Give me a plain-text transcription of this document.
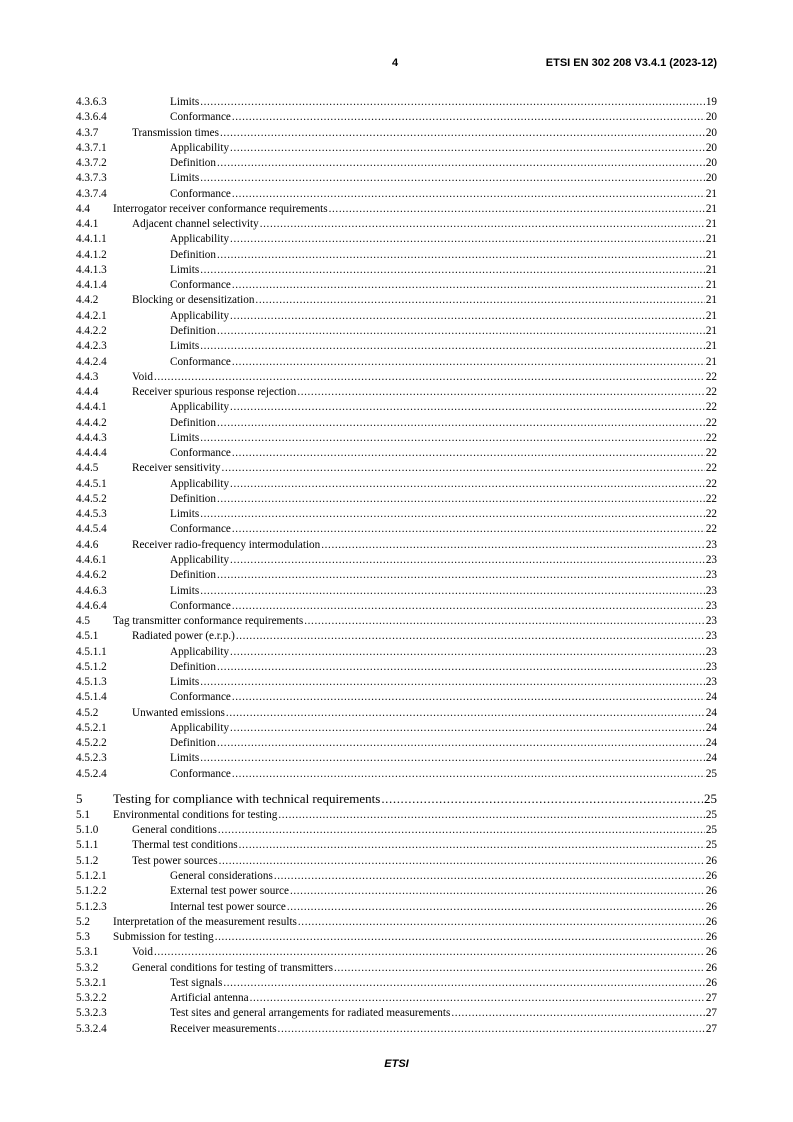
4	ETSI EN 302 208 V3.4.1 (2023-12)
4.3.6.3	Limits .....	19
4.3.6.4	Conformance .....	20
4.3.7	Transmission times .....	20
4.3.7.1	Applicability .....	20
4.3.7.2	Definition .....	20
4.3.7.3	Limits .....	20
4.3.7.4	Conformance .....	21
4.4 Interrogator receiver conformance requirements .....	21
4.4.1	Adjacent channel selectivity .....	21
4.4.1.1	Applicability .....	21
4.4.1.2	Definition .....	21
4.4.1.3	Limits .....	21
4.4.1.4	Conformance .....	21
4.4.2	Blocking or desensitization .....	21
4.4.2.1	Applicability .....	21
4.4.2.2	Definition .....	21
4.4.2.3	Limits .....	21
4.4.2.4	Conformance .....	21
4.4.3	Void .....	22
4.4.4	Receiver spurious response rejection .....	22
4.4.4.1	Applicability .....	22
4.4.4.2	Definition .....	22
4.4.4.3	Limits .....	22
4.4.4.4	Conformance .....	22
4.4.5	Receiver sensitivity .....	22
4.4.5.1	Applicability .....	22
4.4.5.2	Definition .....	22
4.4.5.3	Limits .....	22
4.4.5.4	Conformance .....	22
4.4.6	Receiver radio-frequency intermodulation .....	23
4.4.6.1	Applicability .....	23
4.4.6.2	Definition .....	23
4.4.6.3	Limits .....	23
4.4.6.4	Conformance .....	23
4.5 Tag transmitter conformance requirements .....	23
4.5.1	Radiated power (e.r.p.) .....	23
4.5.1.1	Applicability .....	23
4.5.1.2	Definition .....	23
4.5.1.3	Limits .....	23
4.5.1.4	Conformance .....	24
4.5.2	Unwanted emissions .....	24
4.5.2.1	Applicability .....	24
4.5.2.2	Definition .....	24
4.5.2.3	Limits .....	24
4.5.2.4	Conformance .....	25
5 Testing for compliance with technical requirements .....	25
5.1 Environmental conditions for testing .....	25
5.1.0	General conditions .....	25
5.1.1	Thermal test conditions .....	25
5.1.2	Test power sources .....	26
5.1.2.1	General considerations .....	26
5.1.2.2	External test power source .....	26
5.1.2.3	Internal test power source .....	26
5.2 Interpretation of the measurement results .....	26
5.3 Submission for testing .....	26
5.3.1	Void .....	26
5.3.2	General conditions for testing of transmitters .....	26
5.3.2.1	Test signals .....	26
5.3.2.2	Artificial antenna .....	27
5.3.2.3	Test sites and general arrangements for radiated measurements .....	27
5.3.2.4	Receiver measurements .....	27
ETSI
